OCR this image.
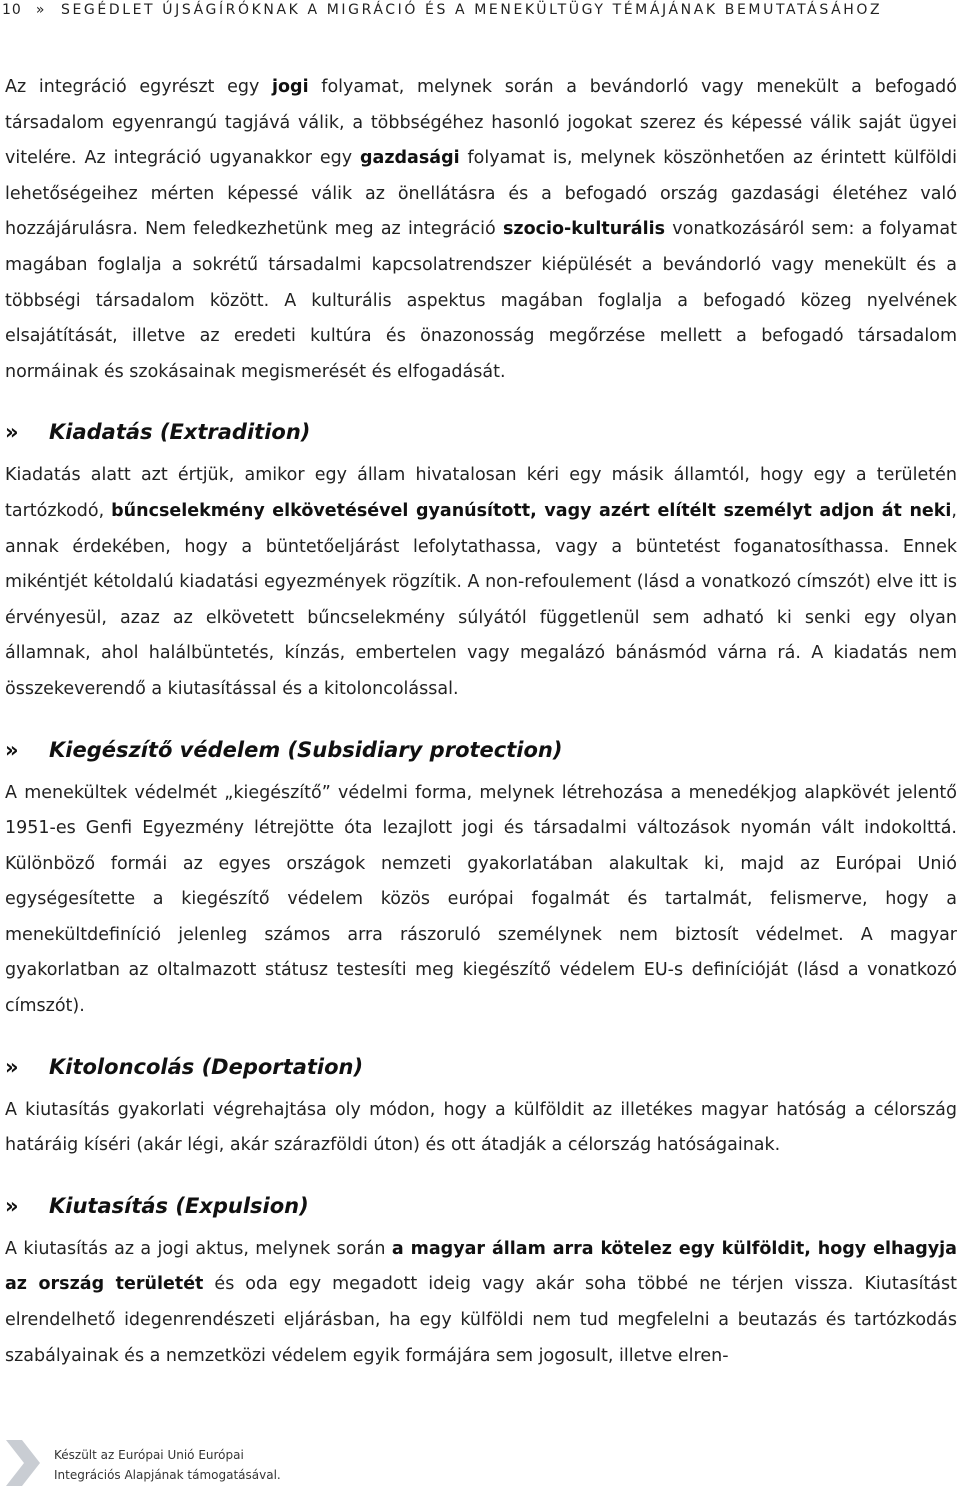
10 » SEGÉDLET ÚJSÁGÍRÓKNAK A MIGRÁCIÓ ÉS A MENEKÜLTÜGY TÉMÁJÁNAK BEMUTATÁSÁHOZ

Az integráció egyrészt egy jogi folyamat, melynek során a bevándorló vagy menekült a befogadó társadalom egyenrangú tagjává válik, a többségéhez hasonló jogokat szerez és képessé válik saját ügyei vitelére. Az integráció ugyanakkor egy gazdasági folyamat is, melynek köszönhetően az érintett külföldi lehetőségeihez mérten képessé válik az önellátásra és a befogadó ország gazdasági életéhez való hozzájárulásra. Nem feledkezhetünk meg az integráció szocio-kulturális vonatkozásáról sem: a folyamat magában foglalja a sokrétű társadalmi kapcsolatrendszer kiépülését a bevándorló vagy menekült és a többségi társadalom között. A kulturális aspektus magában foglalja a befogadó közeg nyelvének elsajátítását, illetve az eredeti kultúra és önazonosság megőrzése mellett a befogadó társadalom normáinak és szokásainak megismerését és elfogadását.

» Kiadatás (Extradition)

Kiadatás alatt azt értjük, amikor egy állam hivatalosan kéri egy másik államtól, hogy egy a területén tartózkodó, bűncselekmény elkövetésével gyanúsított, vagy azért elítélt személyt adjon át neki, annak érdekében, hogy a büntetőeljárást lefolytathassa, vagy a büntetést foganatosíthassa. Ennek mikéntjét kétoldalú kiadatási egyezmények rögzítik. A non-refoulement (lásd a vonatkozó címszót) elve itt is érvényesül, azaz az elkövetett bűncselekmény súlyától függetlenül sem adható ki senki egy olyan államnak, ahol halálbüntetés, kínzás, embertelen vagy megalázó bánásmód várna rá. A kiadatás nem összekeverendő a kiutasítással és a kitoloncolással.

» Kiegészítő védelem (Subsidiary protection)

A menekültek védelmét „kiegészítő” védelmi forma, melynek létrehozása a menedékjog alapkövét jelentő 1951-es Genfi Egyezmény létrejötte óta lezajlott jogi és társadalmi változások nyomán vált indokolttá. Különböző formái az egyes országok nemzeti gyakorlatában alakultak ki, majd az Európai Unió egységesítette a kiegészítő védelem közös európai fogalmát és tartalmát, felismerve, hogy a menekültdefiníció jelenleg számos arra rászoruló személynek nem biztosít védelmet. A magyar gyakorlatban az oltalmazott státusz testesíti meg kiegészítő védelem EU-s definícióját (lásd a vonatkozó címszót).

» Kitoloncolás (Deportation)

A kiutasítás gyakorlati végrehajtása oly módon, hogy a külföldit az illetékes magyar hatóság a célország határáig kíséri (akár légi, akár szárazföldi úton) és ott átadják a célország hatóságainak.

» Kiutasítás (Expulsion)

A kiutasítás az a jogi aktus, melynek során a magyar állam arra kötelez egy külföldit, hogy elhagyja az ország területét és oda egy megadott ideig vagy akár soha többé ne térjen vissza. Kiutasítást elrendelhető idegenrendészeti eljárásban, ha egy külföldi nem tud megfelelni a beutazás és tartózkodás szabályainak és a nemzetközi védelem egyik formájára sem jogosult, illetve elren-

Készült az Európai Unió Európai
Integrációs Alapjának támogatásával.
